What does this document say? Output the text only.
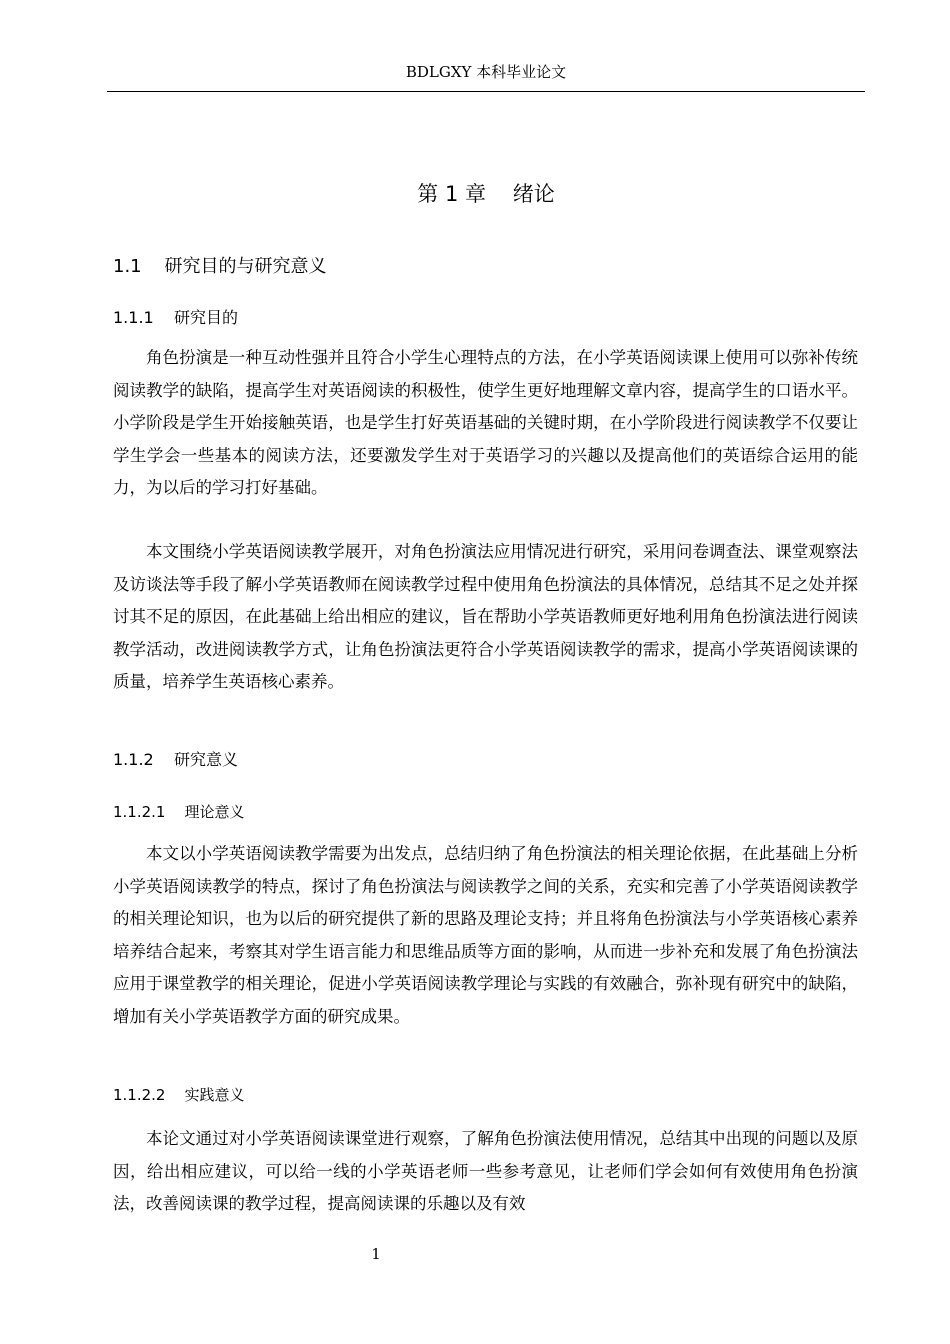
BDLGXY 本科毕业论文
第 1 章    绪论
1.1    研究目的与研究意义
1.1.1    研究目的

角色扮演是一种互动性强并且符合小学生心理特点的方法，在小学英语阅读课上使用可以弥补传统阅读教学的缺陷，提高学生对英语阅读的积极性，使学生更好地理解文章内容，提高学生的口语水平。小学阶段是学生开始接触英语，也是学生打好英语基础的关键时期，在小学阶段进行阅读教学不仅要让学生学会一些基本的阅读方法，还要激发学生对于英语学习的兴趣以及提高他们的英语综合运用的能力，为以后的学习打好基础。

本文围绕小学英语阅读教学展开，对角色扮演法应用情况进行研究，采用问卷调查法、课堂观察法及访谈法等手段了解小学英语教师在阅读教学过程中使用角色扮演法的具体情况，总结其不足之处并探讨其不足的原因，在此基础上给出相应的建议，旨在帮助小学英语教师更好地利用角色扮演法进行阅读教学活动，改进阅读教学方式，让角色扮演法更符合小学英语阅读教学的需求，提高小学英语阅读课的质量，培养学生英语核心素养。

1.1.2    研究意义
1.1.2.1    理论意义

本文以小学英语阅读教学需要为出发点，总结归纳了角色扮演法的相关理论依据，在此基础上分析小学英语阅读教学的特点，探讨了角色扮演法与阅读教学之间的关系，充实和完善了小学英语阅读教学的相关理论知识，也为以后的研究提供了新的思路及理论支持；并且将角色扮演法与小学英语核心素养培养结合起来，考察其对学生语言能力和思维品质等方面的影响，从而进一步补充和发展了角色扮演法应用于课堂教学的相关理论，促进小学英语阅读教学理论与实践的有效融合，弥补现有研究中的缺陷，增加有关小学英语教学方面的研究成果。

1.1.2.2    实践意义

本论文通过对小学英语阅读课堂进行观察，了解角色扮演法使用情况，总结其中出现的问题以及原因，给出相应建议，可以给一线的小学英语老师一些参考意见，让老师们学会如何有效使用角色扮演法，改善阅读课的教学过程，提高阅读课的乐趣以及有效

1
